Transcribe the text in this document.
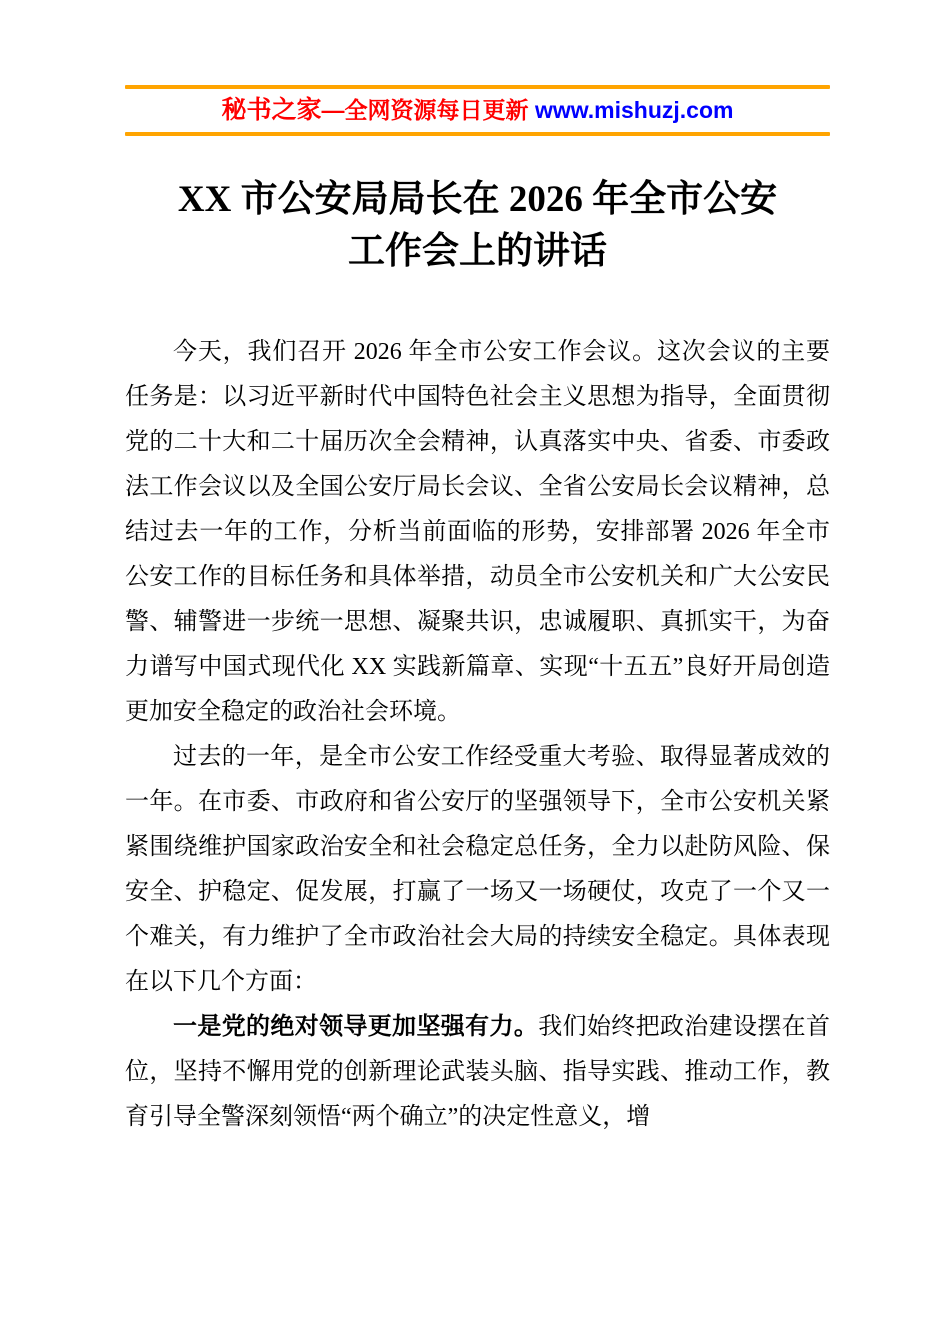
秘书之家—全网资源每日更新 www.mishuzj.com
XX 市公安局局长在 2026 年全市公安
工作会上的讲话

今天，我们召开 2026 年全市公安工作会议。这次会议的主要任务是：以习近平新时代中国特色社会主义思想为指导，全面贯彻党的二十大和二十届历次全会精神，认真落实中央、省委、市委政法工作会议以及全国公安厅局长会议、全省公安局长会议精神，总结过去一年的工作，分析当前面临的形势，安排部署 2026 年全市公安工作的目标任务和具体举措，动员全市公安机关和广大公安民警、辅警进一步统一思想、凝聚共识，忠诚履职、真抓实干，为奋力谱写中国式现代化 XX 实践新篇章、实现“十五五”良好开局创造更加安全稳定的政治社会环境。

过去的一年，是全市公安工作经受重大考验、取得显著成效的一年。在市委、市政府和省公安厅的坚强领导下，全市公安机关紧紧围绕维护国家政治安全和社会稳定总任务，全力以赴防风险、保安全、护稳定、促发展，打赢了一场又一场硬仗，攻克了一个又一个难关，有力维护了全市政治社会大局的持续安全稳定。具体表现在以下几个方面：

一是党的绝对领导更加坚强有力。我们始终把政治建设摆在首位，坚持不懈用党的创新理论武装头脑、指导实践、推动工作，教育引导全警深刻领悟“两个确立”的决定性意义，增
